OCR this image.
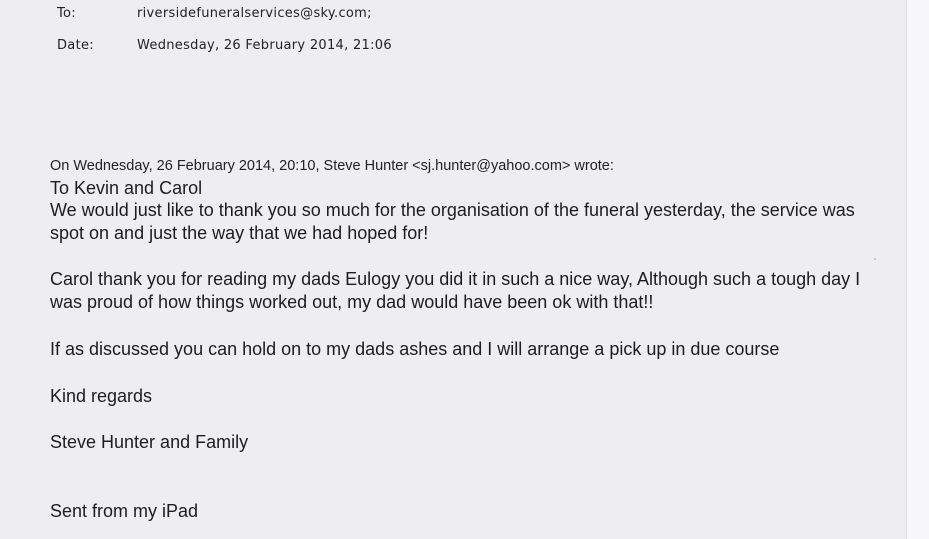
To:	riversidefuneralservices@sky.com;
Date:	Wednesday, 26 February 2014, 21:06
On Wednesday, 26 February 2014, 20:10, Steve Hunter <sj.hunter@yahoo.com> wrote:

To Kevin and Carol

We would just like to thank you so much for the organisation of the funeral yesterday, the service was spot on and just the way that we had hoped for!

Carol thank you for reading my dads Eulogy you did it in such a nice way, Although such a tough day I was proud of how things worked out, my dad would have been ok with that!!

If as discussed you can hold on to my dads ashes and I will arrange a pick up in due course

Kind regards

Steve Hunter and Family

Sent from my iPad
